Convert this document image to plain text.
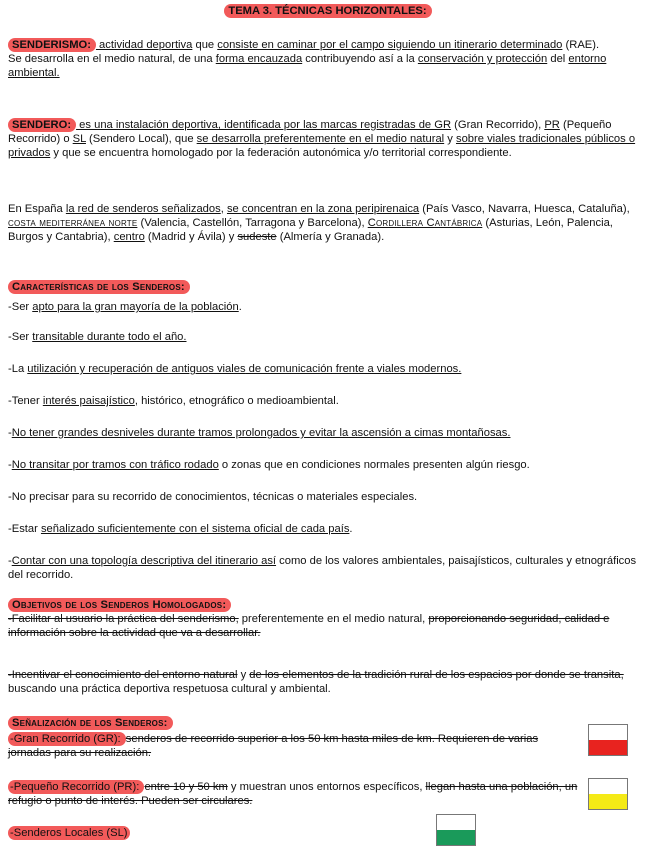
TEMA 3. TÉCNICAS HORIZONTALES:

SENDERISMO: actividad deportiva que consiste en caminar por el campo siguiendo un itinerario determinado (RAE).

Se desarrolla en el medio natural, de una forma encauzada contribuyendo así a la conservación y protección del entorno ambiental.

SENDERO: es una instalación deportiva, identificada por las marcas registradas de GR (Gran Recorrido), PR (Pequeño Recorrido) o SL (Sendero Local), que se desarrolla preferentemente en el medio natural y sobre viales tradicionales públicos o privados y que se encuentra homologado por la federación autonómica y/o territorial correspondiente.

En España la red de senderos señalizados, se concentran en la zona peripirenaica (País Vasco, Navarra, Huesca, Cataluña), costa mediterránea norte (Valencia, Castellón, Tarragona y Barcelona), Cordillera Cantábrica (Asturias, León, Palencia, Burgos y Cantabria), centro (Madrid y Ávila) y sudeste (Almería y Granada).

Características de los Senderos:

-Ser apto para la gran mayoría de la población.
-Ser transitable durante todo el año.
-La utilización y recuperación de antiguos viales de comunicación frente a viales modernos.
-Tener interés paisajístico, histórico, etnográfico o medioambiental.
-No tener grandes desniveles durante tramos prolongados y evitar la ascensión a cimas montañosas.
-No transitar por tramos con tráfico rodado o zonas que en condiciones normales presenten algún riesgo.
-No precisar para su recorrido de conocimientos, técnicas o materiales especiales.
-Estar señalizado suficientemente con el sistema oficial de cada país.
-Contar con una topología descriptiva del itinerario así como de los valores ambientales, paisajísticos, culturales y etnográficos del recorrido.

Objetivos de los Senderos Homologados:

-Facilitar al usuario la práctica del senderismo, preferentemente en el medio natural, proporcionando seguridad, calidad e información sobre la actividad que va a desarrollar.

-Incentivar el conocimiento del entorno natural y de los elementos de la tradición rural de los espacios por donde se transita, buscando una práctica deportiva respetuosa cultural y ambiental.

Señalización de los Senderos:

-Gran Recorrido (GR): senderos de recorrido superior a los 50 km hasta miles de km. Requieren de varias jornadas para su realización.

-Pequeño Recorrido (PR): entre 10 y 50 km y muestran unos entornos específicos, llegan hasta una población, un refugio o punto de interés. Pueden ser circulares.

-Senderos Locales (SL)
